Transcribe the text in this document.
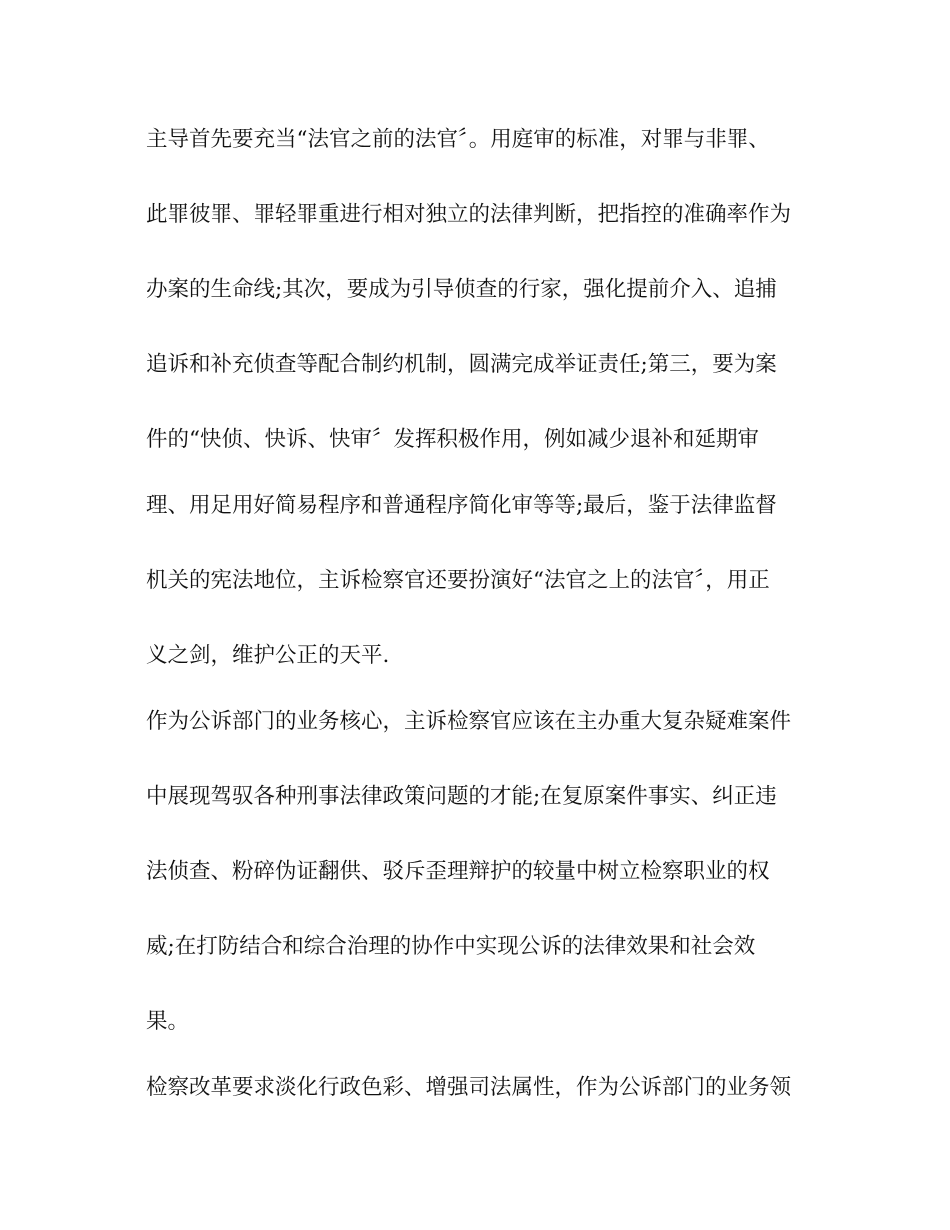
主导首先要充当“法官之前的法官〞。用庭审的标准，对罪与非罪、
此罪彼罪、罪轻罪重进行相对独立的法律判断，把指控的准确率作为
办案的生命线;其次，要成为引导侦查的行家，强化提前介入、追捕
追诉和补充侦查等配合制约机制，圆满完成举证责任;第三，要为案
件的“快侦、快诉、快审〞发挥积极作用，例如减少退补和延期审
理、用足用好简易程序和普通程序简化审等等;最后，鉴于法律监督
机关的宪法地位，主诉检察官还要扮演好“法官之上的法官〞，用正
义之剑，维护公正的天平.
作为公诉部门的业务核心，主诉检察官应该在主办重大复杂疑难案件
中展现驾驭各种刑事法律政策问题的才能;在复原案件事实、纠正违
法侦查、粉碎伪证翻供、驳斥歪理辩护的较量中树立检察职业的权
威;在打防结合和综合治理的协作中实现公诉的法律效果和社会效
果。
检察改革要求淡化行政色彩、增强司法属性，作为公诉部门的业务领
